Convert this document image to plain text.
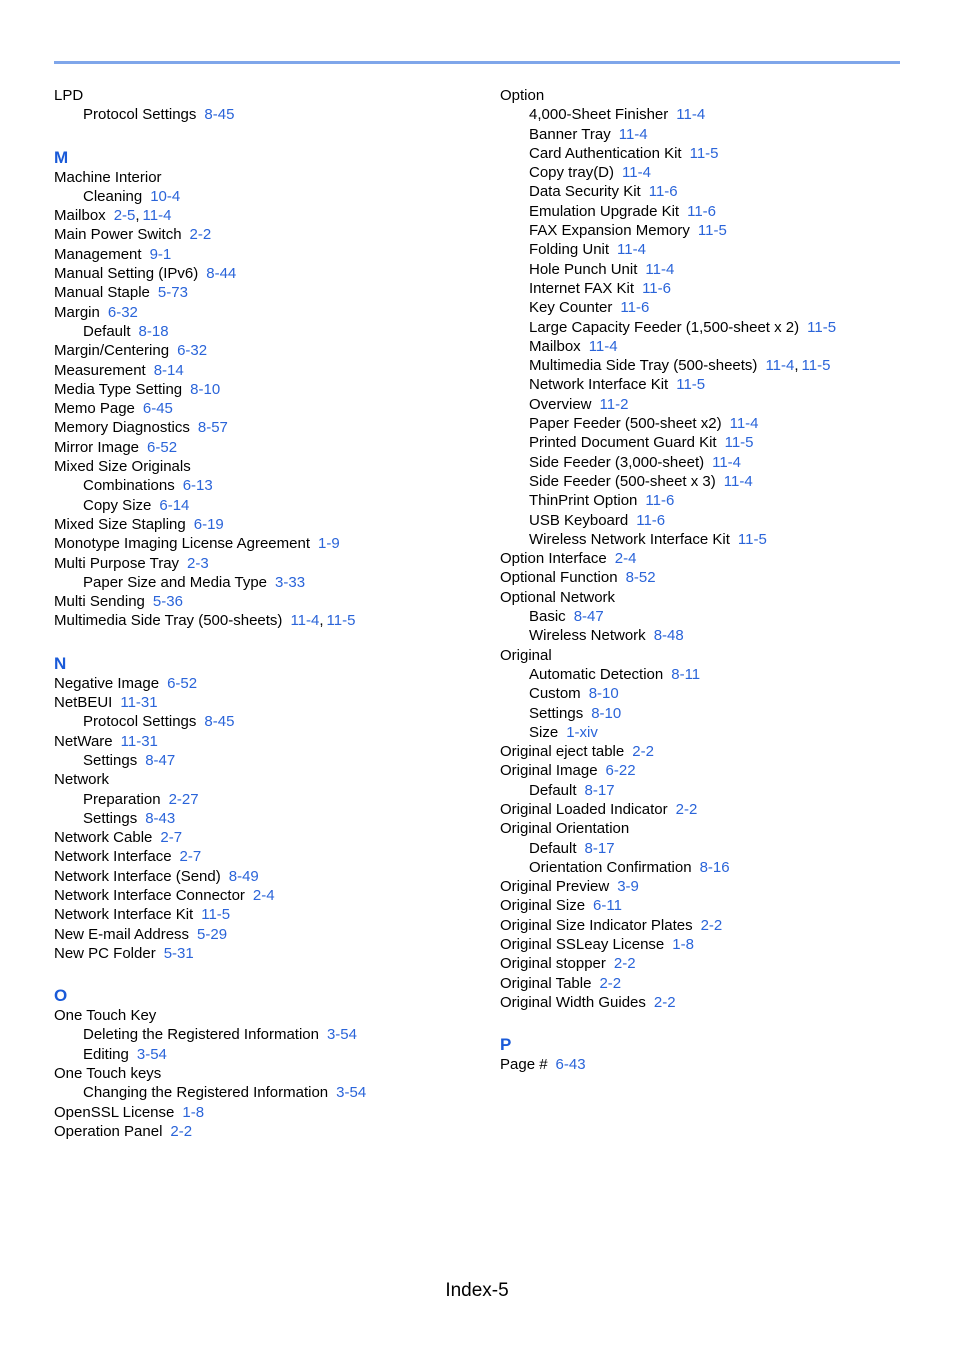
LPD
Protocol Settings 8-45
M
Machine Interior
Cleaning 10-4
Mailbox 2-5, 11-4
Main Power Switch 2-2
Management 9-1
Manual Setting (IPv6) 8-44
Manual Staple 5-73
Margin 6-32
Default 8-18
Margin/Centering 6-32
Measurement 8-14
Media Type Setting 8-10
Memo Page 6-45
Memory Diagnostics 8-57
Mirror Image 6-52
Mixed Size Originals
Combinations 6-13
Copy Size 6-14
Mixed Size Stapling 6-19
Monotype Imaging License Agreement 1-9
Multi Purpose Tray 2-3
Paper Size and Media Type 3-33
Multi Sending 5-36
Multimedia Side Tray (500-sheets) 11-4, 11-5
N
Negative Image 6-52
NetBEUI 11-31
Protocol Settings 8-45
NetWare 11-31
Settings 8-47
Network
Preparation 2-27
Settings 8-43
Network Cable 2-7
Network Interface 2-7
Network Interface (Send) 8-49
Network Interface Connector 2-4
Network Interface Kit 11-5
New E-mail Address 5-29
New PC Folder 5-31
O
One Touch Key
Deleting the Registered Information 3-54
Editing 3-54
One Touch keys
Changing the Registered Information 3-54
OpenSSL License 1-8
Operation Panel 2-2
Option
4,000-Sheet Finisher 11-4
Banner Tray 11-4
Card Authentication Kit 11-5
Copy tray(D) 11-4
Data Security Kit 11-6
Emulation Upgrade Kit 11-6
FAX Expansion Memory 11-5
Folding Unit 11-4
Hole Punch Unit 11-4
Internet FAX Kit 11-6
Key Counter 11-6
Large Capacity Feeder (1,500-sheet x 2) 11-5
Mailbox 11-4
Multimedia Side Tray (500-sheets) 11-4, 11-5
Network Interface Kit 11-5
Overview 11-2
Paper Feeder (500-sheet x2) 11-4
Printed Document Guard Kit 11-5
Side Feeder (3,000-sheet) 11-4
Side Feeder (500-sheet x 3) 11-4
ThinPrint Option 11-6
USB Keyboard 11-6
Wireless Network Interface Kit 11-5
Option Interface 2-4
Optional Function 8-52
Optional Network
Basic 8-47
Wireless Network 8-48
Original
Automatic Detection 8-11
Custom 8-10
Settings 8-10
Size 1-xiv
Original eject table 2-2
Original Image 6-22
Default 8-17
Original Loaded Indicator 2-2
Original Orientation
Default 8-17
Orientation Confirmation 8-16
Original Preview 3-9
Original Size 6-11
Original Size Indicator Plates 2-2
Original SSLeay License 1-8
Original stopper 2-2
Original Table 2-2
Original Width Guides 2-2
P
Page # 6-43
Index-5
